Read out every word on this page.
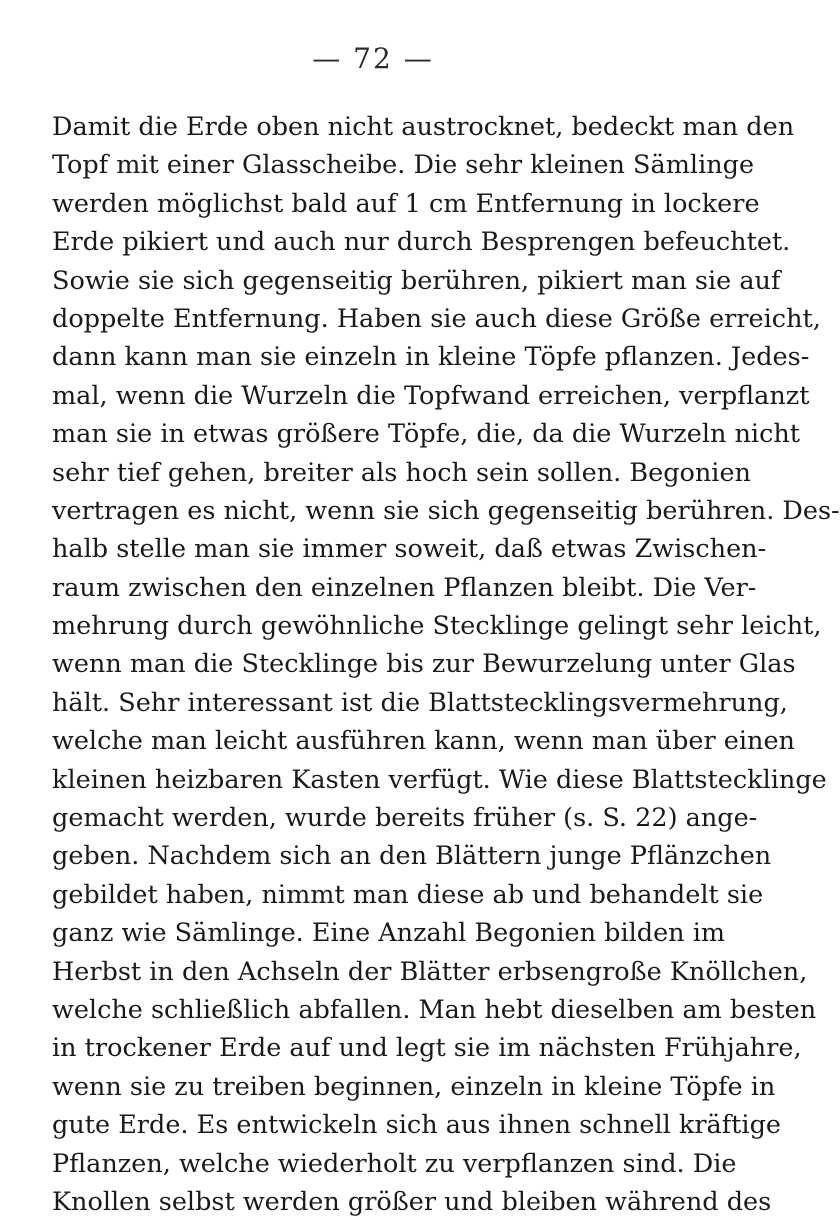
— 72 —
Damit die Erde oben nicht austrocknet, bedeckt man den
Topf mit einer Glasscheibe. Die sehr kleinen Sämlinge
werden möglichst bald auf 1 cm Entfernung in lockere
Erde pikiert und auch nur durch Besprengen befeuchtet.
Sowie sie sich gegenseitig berühren, pikiert man sie auf
doppelte Entfernung. Haben sie auch diese Größe erreicht,
dann kann man sie einzeln in kleine Töpfe pflanzen. Jedes-
mal, wenn die Wurzeln die Topfwand erreichen, verpflanzt
man sie in etwas größere Töpfe, die, da die Wurzeln nicht
sehr tief gehen, breiter als hoch sein sollen. Begonien
vertragen es nicht, wenn sie sich gegenseitig berühren. Des-
halb stelle man sie immer soweit, daß etwas Zwischen-
raum zwischen den einzelnen Pflanzen bleibt. Die Ver-
mehrung durch gewöhnliche Stecklinge gelingt sehr leicht,
wenn man die Stecklinge bis zur Bewurzelung unter Glas
hält. Sehr interessant ist die Blattstecklingsvermehrung,
welche man leicht ausführen kann, wenn man über einen
kleinen heizbaren Kasten verfügt. Wie diese Blattstecklinge
gemacht werden, wurde bereits früher (s. S. 22) ange-
geben. Nachdem sich an den Blättern junge Pflänzchen
gebildet haben, nimmt man diese ab und behandelt sie
ganz wie Sämlinge. Eine Anzahl Begonien bilden im
Herbst in den Achseln der Blätter erbsengroße Knöllchen,
welche schließlich abfallen. Man hebt dieselben am besten
in trockener Erde auf und legt sie im nächsten Frühjahre,
wenn sie zu treiben beginnen, einzeln in kleine Töpfe in
gute Erde. Es entwickeln sich aus ihnen schnell kräftige
Pflanzen, welche wiederholt zu verpflanzen sind. Die
Knollen selbst werden größer und bleiben während des
